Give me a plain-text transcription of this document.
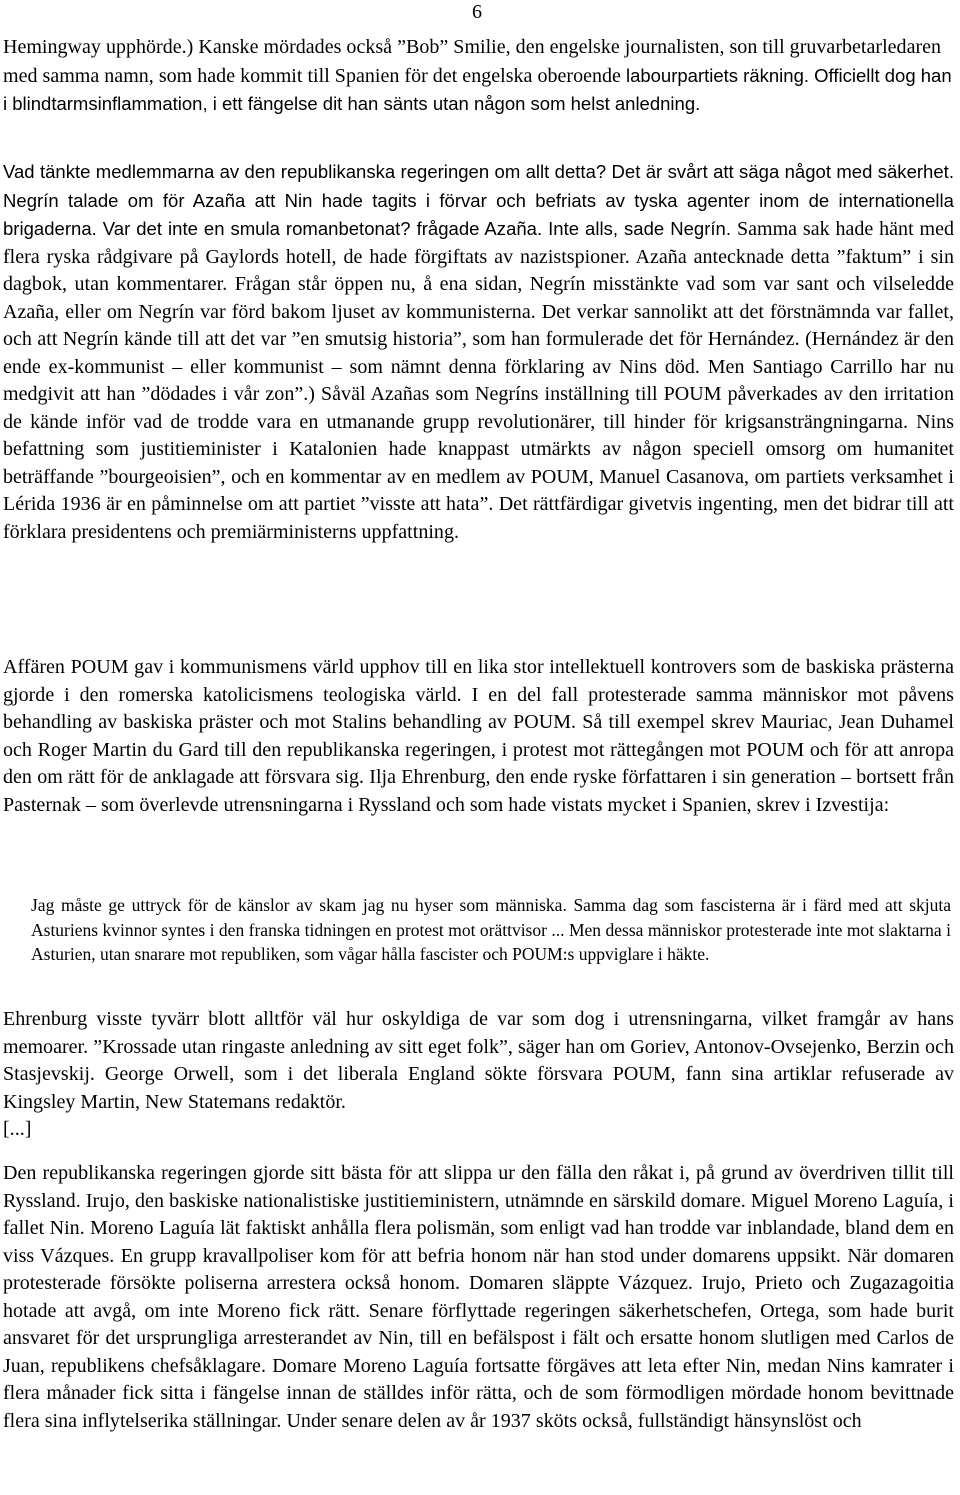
6

Hemingway upphörde.) Kanske mördades också ”Bob” Smilie, den engelske journalisten, son till gruvarbetarledaren med samma namn, som hade kommit till Spanien för det engelska oberoende labourpartiets räkning. Officiellt dog han i blindtarmsinflammation, i ett fängelse dit han sänts utan någon som helst anledning.

Vad tänkte medlemmarna av den republikanska regeringen om allt detta? Det är svårt att säga något med säkerhet. Negrín talade om för Azaña att Nin hade tagits i förvar och befriats av tyska agenter inom de internationella brigaderna. Var det inte en smula romanbetonat? frågade Azaña. Inte alls, sade Negrín. Samma sak hade hänt med flera ryska rådgivare på Gaylords hotell, de hade förgiftats av nazistspioner. Azaña antecknade detta ”faktum” i sin dagbok, utan kommentarer. Frågan står öppen nu, å ena sidan, Negrín misstänkte vad som var sant och vilseledde Azaña, eller om Negrín var förd bakom ljuset av kommunisterna. Det verkar sannolikt att det förstnämnda var fallet, och att Negrín kände till att det var ”en smutsig historia”, som han formulerade det för Hernández. (Hernández är den ende ex-kommunist – eller kommunist – som nämnt denna förklaring av Nins död. Men Santiago Carrillo har nu medgivit att han ”dödades i vår zon”.) Såväl Azañas som Negríns inställning till POUM påverkades av den irritation de kände inför vad de trodde vara en utmanande grupp revolutionärer, till hinder för krigsansträngningarna. Nins befattning som justitieminister i Katalonien hade knappast utmärkts av någon speciell omsorg om humanitet beträffande ”bourgeoisien”, och en kommentar av en medlem av POUM, Manuel Casanova, om partiets verksamhet i Lérida 1936 är en påminnelse om att partiet ”visste att hata”. Det rättfärdigar givetvis ingenting, men det bidrar till att förklara presidentens och premiärministerns uppfattning.

Affären POUM gav i kommunismens värld upphov till en lika stor intellektuell kontrovers som de baskiska prästerna gjorde i den romerska katolicismens teologiska värld. I en del fall protesterade samma människor mot påvens behandling av baskiska präster och mot Stalins behandling av POUM. Så till exempel skrev Mauriac, Jean Duhamel och Roger Martin du Gard till den republikanska regeringen, i protest mot rättegången mot POUM och för att anropa den om rätt för de anklagade att försvara sig. Ilja Ehrenburg, den ende ryske författaren i sin generation – bortsett från Pasternak – som överlevde utrensningarna i Ryssland och som hade vistats mycket i Spanien, skrev i Izvestija:

Jag måste ge uttryck för de känslor av skam jag nu hyser som människa. Samma dag som fascisterna är i färd med att skjuta Asturiens kvinnor syntes i den franska tidningen en protest mot orättvisor ... Men dessa människor protesterade inte mot slaktarna i Asturien, utan snarare mot republiken, som vågar hålla fascister och POUM:s uppviglare i häkte.

Ehrenburg visste tyvärr blott alltför väl hur oskyldiga de var som dog i utrensningarna, vilket framgår av hans memoarer. ”Krossade utan ringaste anledning av sitt eget folk”, säger han om Goriev, Antonov-Ovsejenko, Berzin och Stasjevskij. George Orwell, som i det liberala England sökte försvara POUM, fann sina artiklar refuserade av Kingsley Martin, New Statemans redaktör.

[...]

Den republikanska regeringen gjorde sitt bästa för att slippa ur den fälla den råkat i, på grund av överdriven tillit till Ryssland. Irujo, den baskiske nationalistiske justitieministern, utnämnde en särskild domare. Miguel Moreno Laguía, i fallet Nin. Moreno Laguía lät faktiskt anhålla flera polismän, som enligt vad han trodde var inblandade, bland dem en viss Vázques. En grupp kravallpoliser kom för att befria honom när han stod under domarens uppsikt. När domaren protesterade försökte poliserna arrestera också honom. Domaren släppte Vázquez. Irujo, Prieto och Zugazagoitia hotade att avgå, om inte Moreno fick rätt. Senare förflyttade regeringen säkerhetschefen, Ortega, som hade burit ansvaret för det ursprungliga arresterandet av Nin, till en befälspost i fält och ersatte honom slutligen med Carlos de Juan, republikens chefsåklagare. Domare Moreno Laguía fortsatte förgäves att leta efter Nin, medan Nins kamrater i flera månader fick sitta i fängelse innan de ställdes inför rätta, och de som förmodligen mördade honom bevittnade flera sina inflytelserika ställningar. Under senare delen av år 1937 sköts också, fullständigt hänsynslöst och
